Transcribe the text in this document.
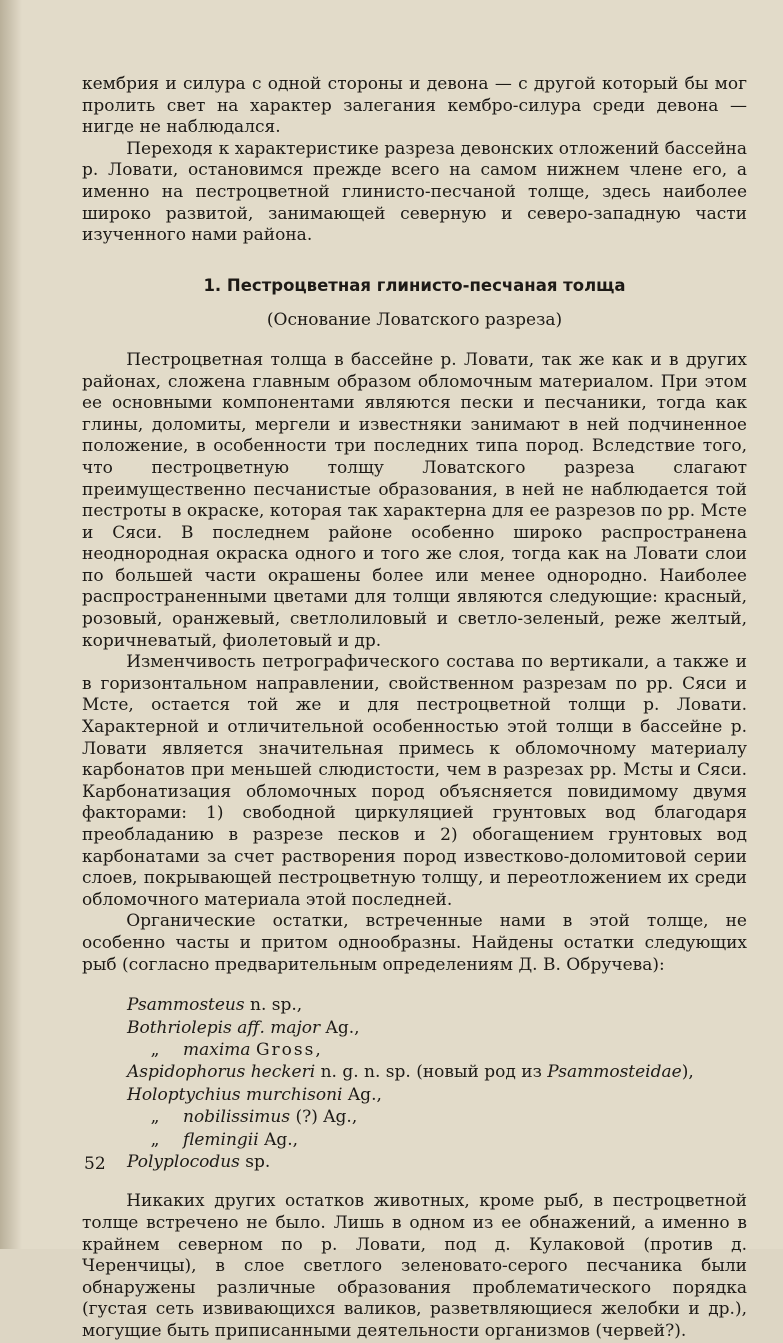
кембрия и силура с одной стороны и девона — с другой который бы мог пролить свет на характер залегания кембро-силура среди девона — нигде не наблюдался.

Переходя к характеристике разреза девонских отложений бассейна р. Ловати, остановимся прежде всего на самом нижнем члене его, а именно на пестроцветной глинисто-песчаной толще, здесь наиболее широко развитой, занимающей северную и северо-западную части изученного нами района.

1. Пестроцветная глинисто-песчаная толща
(Основание Ловатского разреза)

Пестроцветная толща в бассейне р. Ловати, так же как и в других районах, сложена главным образом обломочным материалом. При этом ее основными компонентами являются пески и песчаники, тогда как глины, доломиты, мергели и известняки занимают в ней подчиненное положение, в особенности три последних типа пород. Вследствие того, что пестроцветную толщу Ловатского разреза слагают преимущественно песчанистые образования, в ней не наблюдается той пестроты в окраске, которая так характерна для ее разрезов по рр. Мсте и Сяси. В последнем районе особенно широко распространена неоднородная окраска одного и того же слоя, тогда как на Ловати слои по большей части окрашены более или менее однородно. Наиболее распространенными цветами для толщи являются следующие: красный, розовый, оранжевый, светлолиловый и светло-зеленый, реже желтый, коричневатый, фиолетовый и др.

Изменчивость петрографического состава по вертикали, а также и в горизонтальном направлении, свойственном разрезам по рр. Сяси и Мсте, остается той же и для пестроцветной толщи р. Ловати. Характерной и отличительной особенностью этой толщи в бассейне р. Ловати является значительная примесь к обломочному материалу карбонатов при меньшей слюдистости, чем в разрезах рр. Мсты и Сяси. Карбонатизация обломочных пород объясняется повидимому двумя факторами: 1) свободной циркуляцией грунтовых вод благодаря преобладанию в разрезе песков и 2) обогащением грунтовых вод карбонатами за счет растворения пород известково-доломитовой серии слоев, покрывающей пестроцветную толщу, и переотложением их среди обломочного материала этой последней.

Органические остатки, встреченные нами в этой толще, не особенно часты и притом однообразны. Найдены остатки следующих рыб (согласно предварительным определениям Д. В. Обручева):

Psammosteus n. sp.,
Bothriolepis aff. major Ag.,
„ maxima Gross,
Aspidophorus heckeri n. g. n. sp. (новый род из Psammosteidae),
Holoptychius murchisoni Ag.,
„ nobilissimus (?) Ag.,
„ flemingii Ag.,
Polyplocodus sp.

Никаких других остатков животных, кроме рыб, в пестроцветной толще встречено не было. Лишь в одном из ее обнажений, а именно в крайнем северном по р. Ловати, под д. Кулаковой (против д. Черенчицы), в слое светлого зеленовато-серого песчаника были обнаружены различные образования проблематического порядка (густая сеть извивающихся валиков, разветвляющиеся желобки и др.), могущие быть приписанными деятельности организмов (червей?).

52
